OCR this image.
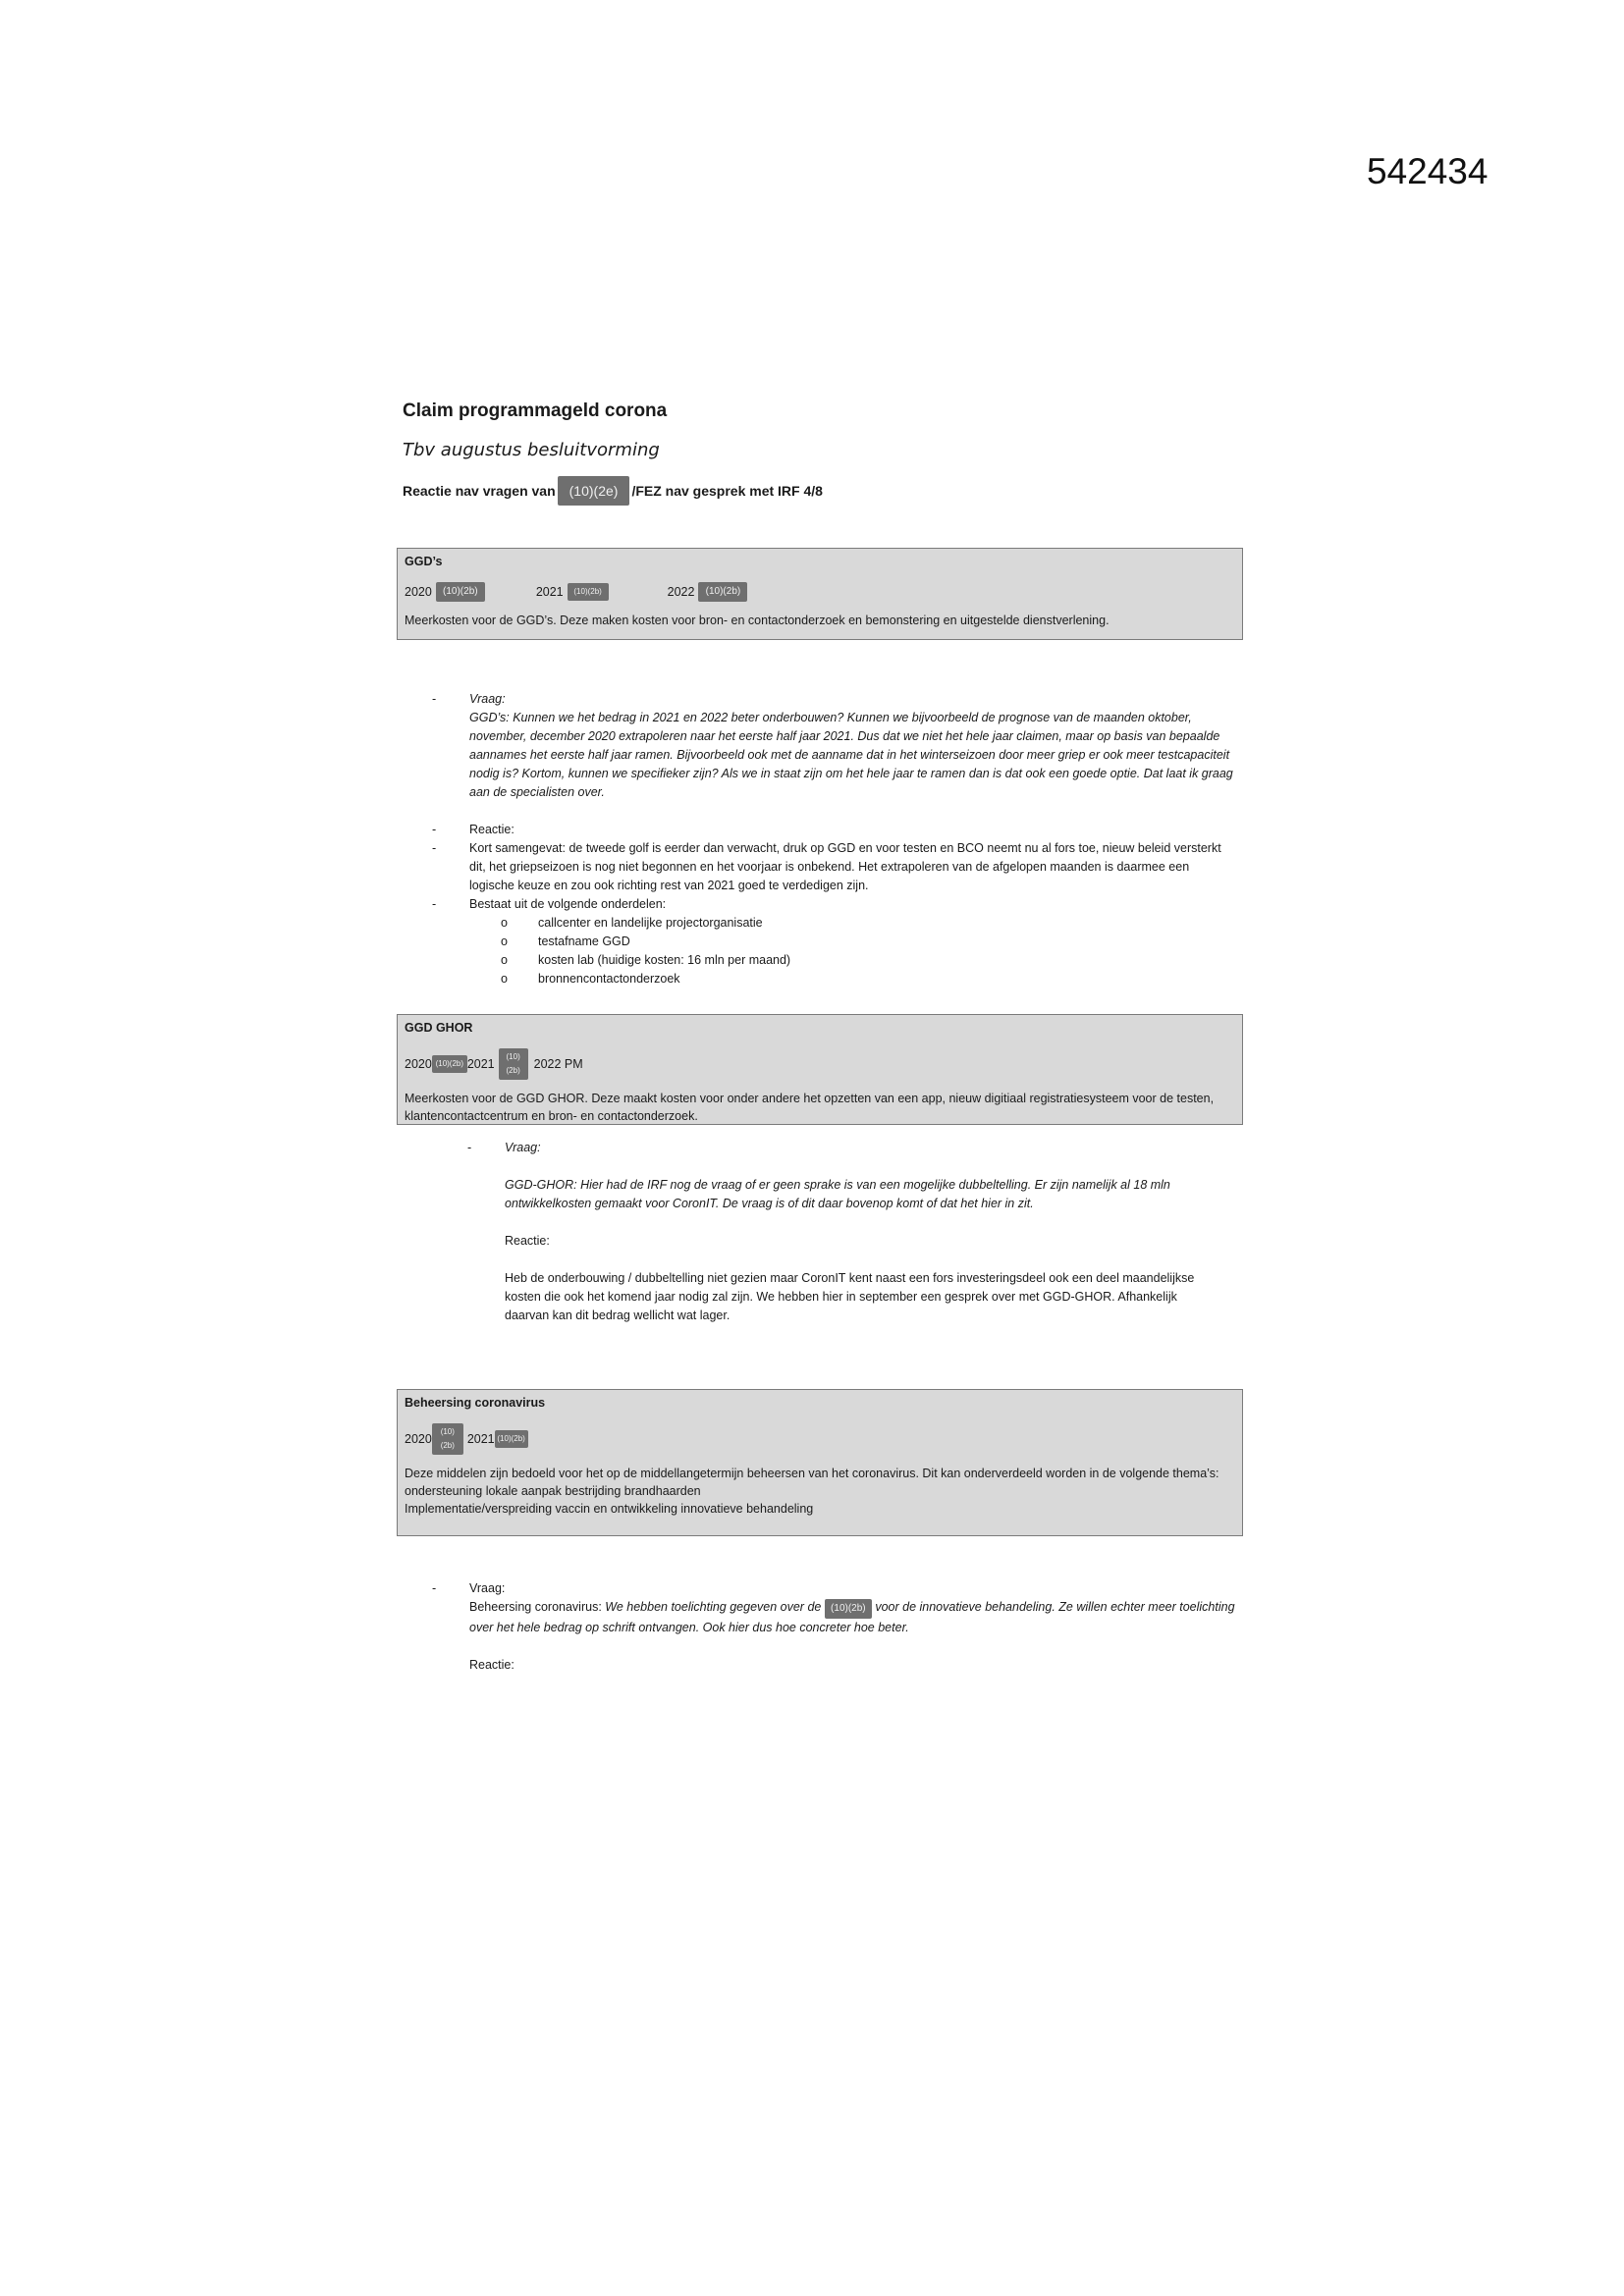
542434
Claim programmageld corona
Tbv augustus besluitvorming
Reactie nav vragen van	(10)(2e)	/FEZ nav gesprek met IRF 4/8
GGD’s
2020	(10)(2b)	2021	(10)(2b)	2022	(10)(2b)
Meerkosten voor de GGD’s. Deze maken kosten voor bron- en contactonderzoek en bemonstering en uitgestelde dienstverlening.
-	Vraag:
GGD’s: Kunnen we het bedrag in 2021 en 2022 beter onderbouwen? Kunnen we bijvoorbeeld de prognose van de maanden oktober, november, december 2020 extrapoleren naar het eerste half jaar 2021. Dus dat we niet het hele jaar claimen, maar op basis van bepaalde aannames het eerste half jaar ramen. Bijvoorbeeld ook met de aanname dat in het winterseizoen door meer griep er ook meer testcapaciteit nodig is? Kortom, kunnen we specifieker zijn? Als we in staat zijn om het hele jaar te ramen dan is dat ook een goede optie. Dat laat ik graag aan de specialisten over.
-	Reactie:
-	Kort samengevat: de tweede golf is eerder dan verwacht, druk op GGD en voor testen en BCO neemt nu al fors toe, nieuw beleid versterkt dit, het griepseizoen is nog niet begonnen en het voorjaar is onbekend. Het extrapoleren van de afgelopen maanden is daarmee een logische keuze en zou ook richting rest van 2021 goed te verdedigen zijn.
-	Bestaat uit de volgende onderdelen:
o	callcenter en landelijke projectorganisatie
o	testafname GGD
o	kosten lab (huidige kosten: 16 mln per maand)
o	bronnencontactonderzoek
GGD GHOR
2020 (10)(2b) 2021
(10)(2b)	2022 PM
Meerkosten voor de GGD GHOR. Deze maakt kosten voor onder andere het opzetten van een app, nieuw digitiaal registratiesysteem voor de testen, klantencontactcentrum en bron- en contactonderzoek.
-	Vraag:
GGD-GHOR: Hier had de IRF nog de vraag of er geen sprake is van een mogelijke dubbeltelling. Er zijn namelijk al 18 mln ontwikkelkosten gemaakt voor CoronIT. De vraag is of dit daar bovenop komt of dat het hier in zit.
Reactie:
Heb de onderbouwing / dubbeltelling niet gezien maar CoronIT kent naast een fors investeringsdeel ook een deel maandelijkse kosten die ook het komend jaar nodig zal zijn. We hebben hier in september een gesprek over met GGD-GHOR. Afhankelijk daarvan kan dit bedrag wellicht wat lager.
Beheersing coronavirus
2020
(10)(2b)	2021 (10)(2b)
Deze middelen zijn bedoeld voor het op de middellangetermijn beheersen van het coronavirus. Dit kan onderverdeeld worden in de volgende thema’s:
ondersteuning lokale aanpak bestrijding brandhaarden
Implementatie/verspreiding vaccin en ontwikkeling innovatieve behandeling
-	Vraag:
Beheersing coronavirus: We hebben toelichting gegeven over de (10)(2b) voor de innovatieve behandeling. Ze willen echter meer toelichting over het hele bedrag op schrift ontvangen. Ook hier dus hoe concreter hoe beter.
Reactie:
